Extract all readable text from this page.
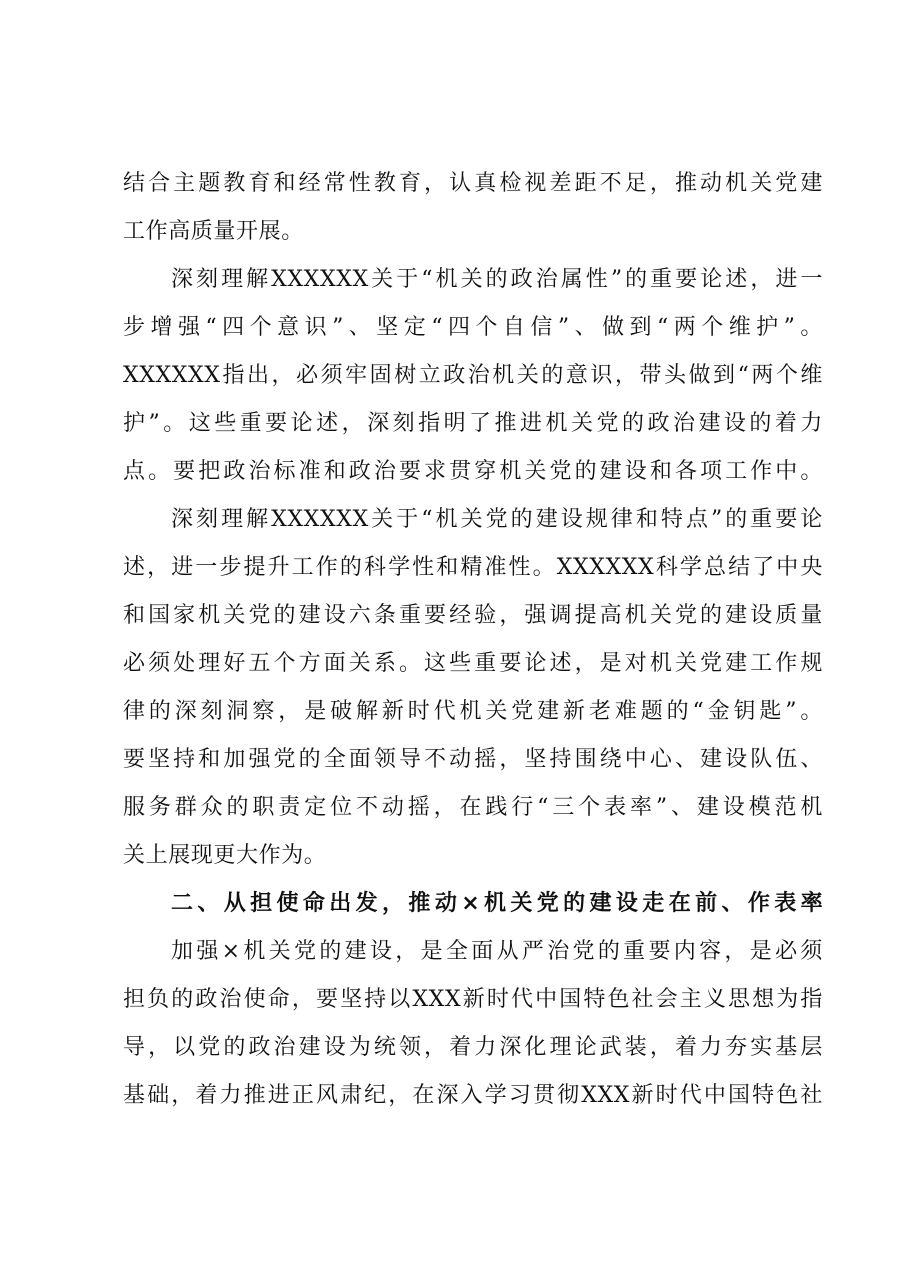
结合主题教育和经常性教育，认真检视差距不足，推动机关党建
工作高质量开展。
深刻理解XXXXXX关于“机关的政治属性”的重要论述，进一
步增强“四个意识”、坚定“四个自信”、做到“两个维护”。
XXXXXX指出，必须牢固树立政治机关的意识，带头做到“两个维
护”。这些重要论述，深刻指明了推进机关党的政治建设的着力
点。要把政治标准和政治要求贯穿机关党的建设和各项工作中。
深刻理解XXXXXX关于“机关党的建设规律和特点”的重要论
述，进一步提升工作的科学性和精准性。XXXXXX科学总结了中央
和国家机关党的建设六条重要经验，强调提高机关党的建设质量
必须处理好五个方面关系。这些重要论述，是对机关党建工作规
律的深刻洞察，是破解新时代机关党建新老难题的“金钥匙”。
要坚持和加强党的全面领导不动摇，坚持围绕中心、建设队伍、
服务群众的职责定位不动摇，在践行“三个表率”、建设模范机
关上展现更大作为。
二、从担使命出发，推动×机关党的建设走在前、作表率
加强×机关党的建设，是全面从严治党的重要内容，是必须
担负的政治使命，要坚持以XXX新时代中国特色社会主义思想为指
导，以党的政治建设为统领，着力深化理论武装，着力夯实基层
基础，着力推进正风肃纪，在深入学习贯彻XXX新时代中国特色社
